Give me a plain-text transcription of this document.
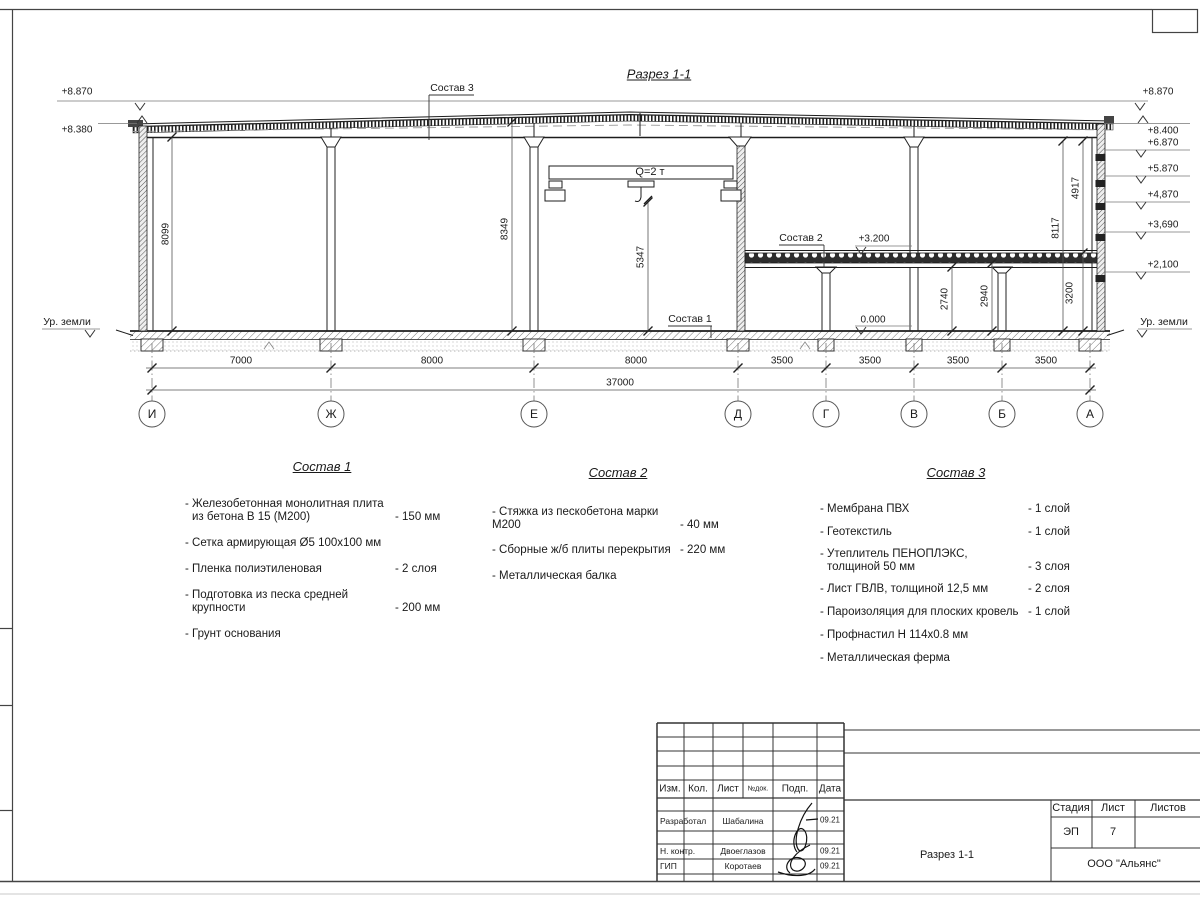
Разрез 1-1
Q=2 т
+8.870
+8.380
+8.870
+8.400
+6.870
+5.870
+4,870
+3,690
+2,100
+3.200
0.000
Ур. земли	Ур. земли
Состав 3
Состав 2
Состав 1
8099	8349
5347
2740	2940	3200
8117
4917
7000	8000	8000	3500	3500	3500	3500
37000
И	Ж	Е	Д	Г	В	Б	А
Состав 1
- Железобетонная монолитная плита
из бетона В 15 (М200)	- 150 мм
- Сетка армирующая Ø5 100х100 мм
- Пленка полиэтиленовая	- 2 слоя
- Подготовка из песка средней
крупности	- 200 мм
- Грунт основания
Состав 2
- Стяжка из пескобетона марки М200	- 40 мм
- Сборные ж/б плиты перекрытия - 220 мм
- Металлическая балка
Состав 3
- Мембрана ПВХ	- 1 слой
- Геотекстиль	- 1 слой
- Утеплитель ПЕНОПЛЭКС,
толщиной 50 мм	- 3 слоя
- Лист ГВЛВ, толщиной 12,5 мм	- 2 слоя
- Пароизоляция для плоских кровель - 1 слой
- Профнастил Н 114х0.8 мм
- Металлическая ферма
Изм. Кол. Лист №док. Подп. Дата
Разработал Шабалина	09.21
Н. контр.	Двоеглазов	09.21
ГИП	Коротаев	09.21
Стадия Лист Листов
ЭП	7
Разрез 1-1
ООО "Альянс"
